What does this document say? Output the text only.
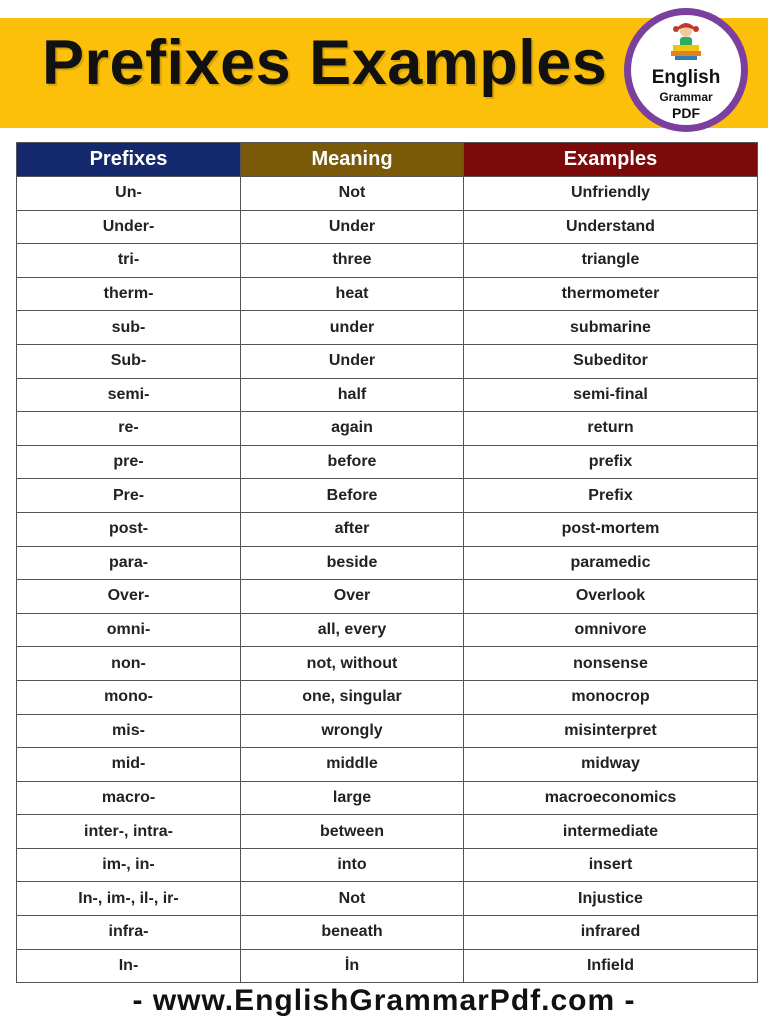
Prefixes Examples	English
Grammar
PDF
Prefixes	Meaning	Examples
Un-	Not	Unfriendly
Under-	Under	Understand
tri-	three	triangle
therm-	heat	thermometer
sub-	under	submarine
Sub-	Under	Subeditor
semi-	half	semi-final
re-	again	return
pre-	before	prefix
Pre-	Before	Prefix
post-	after	post-mortem
para-	beside	paramedic
Over-	Over	Overlook
omni-	all, every	omnivore
non-	not, without	nonsense
mono-	one, singular	monocrop
mis-	wrongly	misinterpret
mid-	middle	midway
macro-	large	macroeconomics
inter-, intra-	between	intermediate
im-, in-	into	insert
In-, im-, il-, ir-	Not	Injustice
infra-	beneath	infrared
In-	İn	Infield
- www.EnglishGrammarPdf.com -
